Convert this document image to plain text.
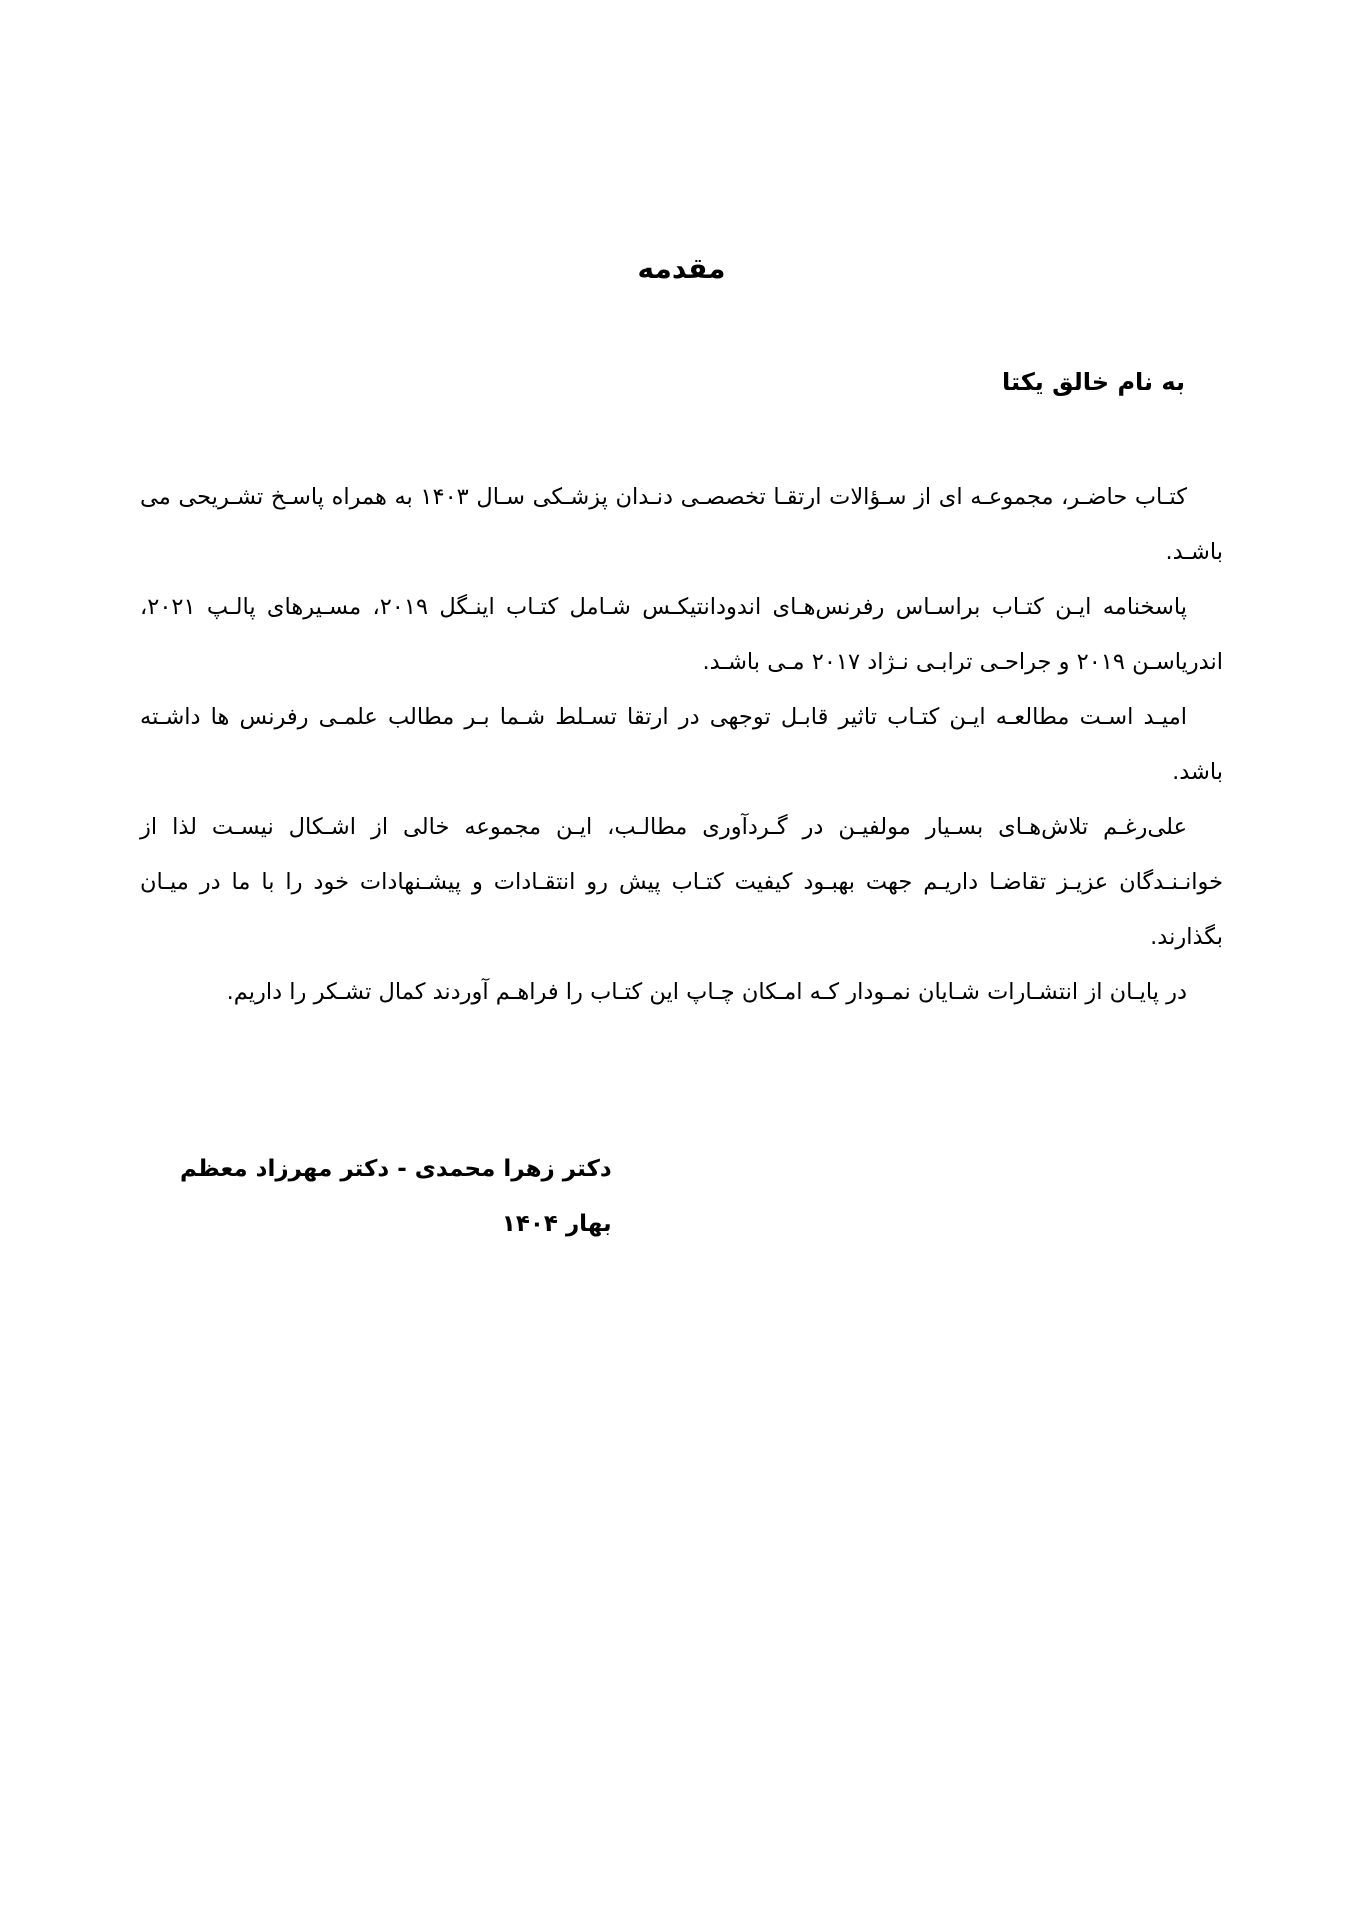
مقدمه
به نام خالق یکتا

کتـاب حاضـر، مجموعـه ای از سـؤالات ارتقـا تخصصـی دنـدان پزشـکی سـال ۱۴۰۳ به همراه پاسـخ تشـریحی می باشـد.

پاسخنامه ایـن کتـاب براسـاس رفرنس‌هـای اندودانتیکـس شـامل کتـاب اینـگل ۲۰۱۹، مسـیرهای پالـپ ۲۰۲۱، اندریاسـن ۲۰۱۹ و جراحـی ترابـی نـژاد ۲۰۱۷ مـی باشـد.

امیـد اسـت مطالعـه ایـن کتـاب تاثیر قابـل توجهی در ارتقا تسـلط شـما بـر مطالب علمـی رفرنس ها داشـته باشد.

علی‌رغـم تلاش‌هـای بسـیار مولفیـن در گـردآوری مطالـب، ایـن مجموعه خالی از اشـکال نیسـت لذا از خوانـنـدگان عزیـز تقاضـا داریـم جهت بهبـود کیفیت کتـاب پیش رو انتقـادات و پیشـنهادات خود را با ما در میـان بگذارند.

در پایـان از انتشـارات شـایان نمـودار کـه امـکان چـاپ این کتـاب را فراهـم آوردند کمال تشـکر را داریم.

دکتر زهرا محمدی - دکتر مهرزاد معظم
بهار ۱۴۰۴
